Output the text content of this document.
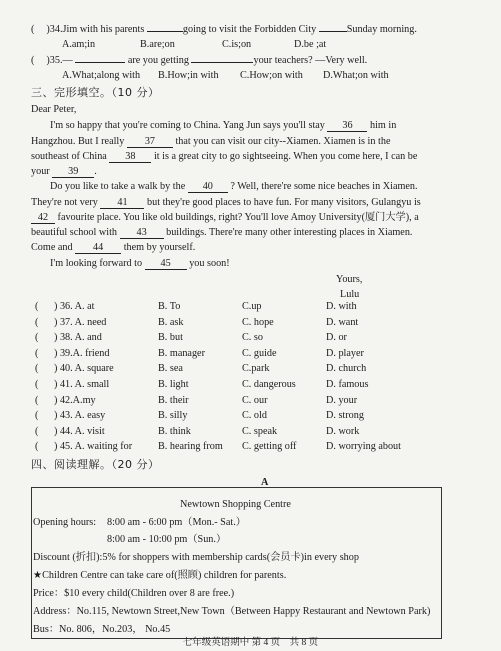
( )34.Jim with his parents	going to visit the Forbidden City	Sunday morning.
A.am;in	B.are;on	C.is;on	D.be ;at
( )35.—	are you getting	your teachers? —Very well.
A.What;along with B.How;in with C.How;on with D.What;on with
三、完形填空。（10 分）
Dear Peter,
I'm so happy that you're coming to China. Yang Jun says you'll stay 36 him in
Hangzhou. But I really 37 that you can visit our city--Xiamen. Xiamen is in the
southeast of China 38 it is a great city to go sightseeing. When you come here, I can be
your 39 .
Do you like to take a walk by the 40 ? Well, there're some nice beaches in Xiamen.
They're not very 41 but they're good places to have fun. For many visitors, Gulangyu is
42 favourite place. You like old buildings, right? You'll love Amoy University(厦门大学), a
beautiful school with 43 buildings. There're many other interesting places in Xiamen.
Come and 44 them by yourself.
I'm looking forward to 45 you soon!
Yours,
Lulu
( ) 36. A. at	B. To	C.up	D. with
( ) 37. A. need	B. ask	C. hope	D. want
( ) 38. A. and	B. but	C. so	D. or
( ) 39.A. friend	B. manager	C. guide	D. player
( ) 40. A. square	B. sea	C.park	D. church
( ) 41. A. small	B. light	C. dangerous	D. famous
( ) 42.A.my	B. their	C. our	D. your
( ) 43. A. easy	B. silly	C. old	D. strong
( ) 44. A. visit	B. think	C. speak	D. work
( ) 45. A. waiting for	B. hearing from C. getting off	D. worrying about
四、阅读理解。（20 分）
A
Newtown Shopping Centre
Opening hours: 8:00 am - 6:00 pm（Mon.- Sat.）
8:00 am - 10:00 pm（Sun.）
Discount (折扣):5% for shoppers with membership cards(会员卡)in every shop
★Children Centre can take care of(照顾) children for parents.
Price：$10 every child(Children over 8 are free.)
Address：No.115, Newtown Street,New Town（Between Happy Restaurant and Newtown Park)
Bus：No. 806，No.203， No.45
七年级英语期中 第 4 页　共 8 页
